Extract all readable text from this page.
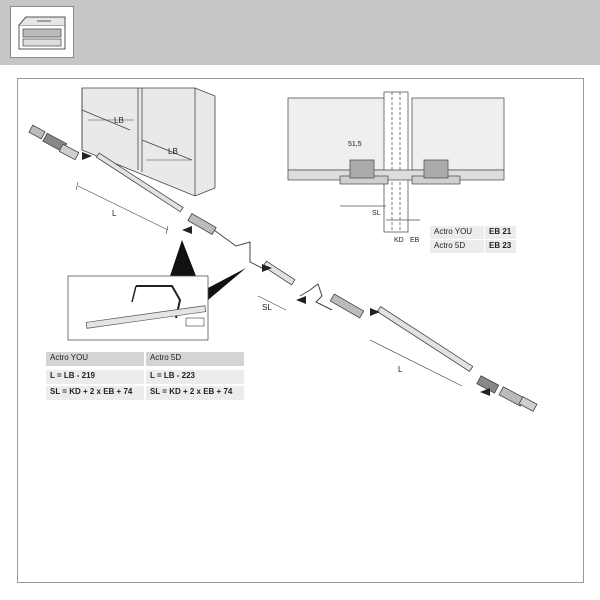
LB
LB
L
SL
L
51,5
SL
KD EB
Actro YOU	EB 21
Actro 5D	EB 23
Actro YOU	Actro 5D
L = LB - 219	L = LB - 223
SL = KD + 2 x EB + 74	SL = KD + 2 x EB + 74
